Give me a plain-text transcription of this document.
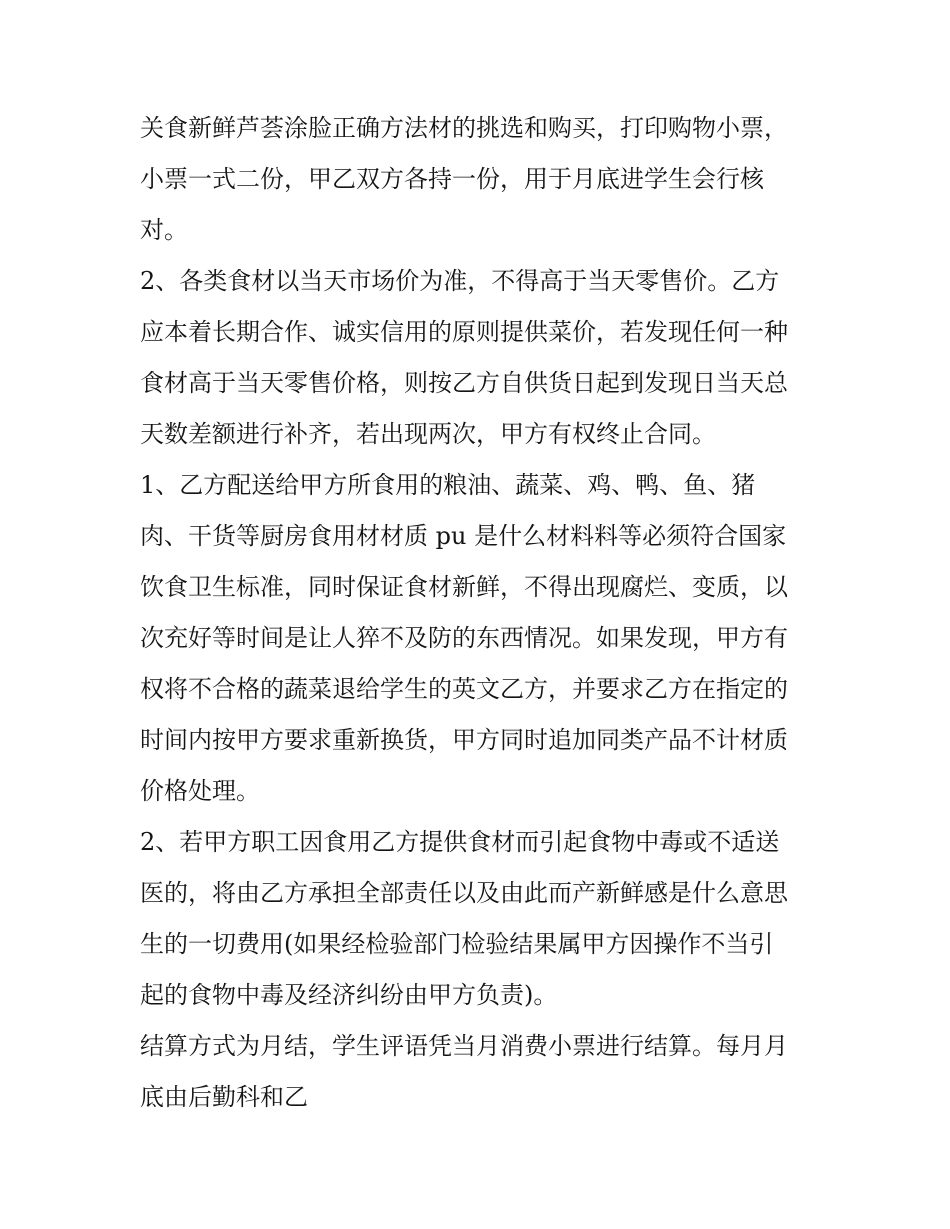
关食新鲜芦荟涂脸正确方法材的挑选和购买，打印购物小票，

小票一式二份，甲乙双方各持一份，用于月底进学生会行核

对。

2、各类食材以当天市场价为准，不得高于当天零售价。乙方

应本着长期合作、诚实信用的原则提供菜价，若发现任何一种

食材高于当天零售价格，则按乙方自供货日起到发现日当天总

天数差额进行补齐，若出现两次，甲方有权终止合同。

1、乙方配送给甲方所食用的粮油、蔬菜、鸡、鸭、鱼、猪

肉、干货等厨房食用材材质 pu 是什么材料料等必须符合国家

饮食卫生标准，同时保证食材新鲜，不得出现腐烂、变质，以

次充好等时间是让人猝不及防的东西情况。如果发现，甲方有

权将不合格的蔬菜退给学生的英文乙方，并要求乙方在指定的

时间内按甲方要求重新换货，甲方同时追加同类产品不计材质

价格处理。

2、若甲方职工因食用乙方提供食材而引起食物中毒或不适送

医的，将由乙方承担全部责任以及由此而产新鲜感是什么意思

生的一切费用(如果经检验部门检验结果属甲方因操作不当引

起的食物中毒及经济纠纷由甲方负责)。

结算方式为月结，学生评语凭当月消费小票进行结算。每月月

底由后勤科和乙
